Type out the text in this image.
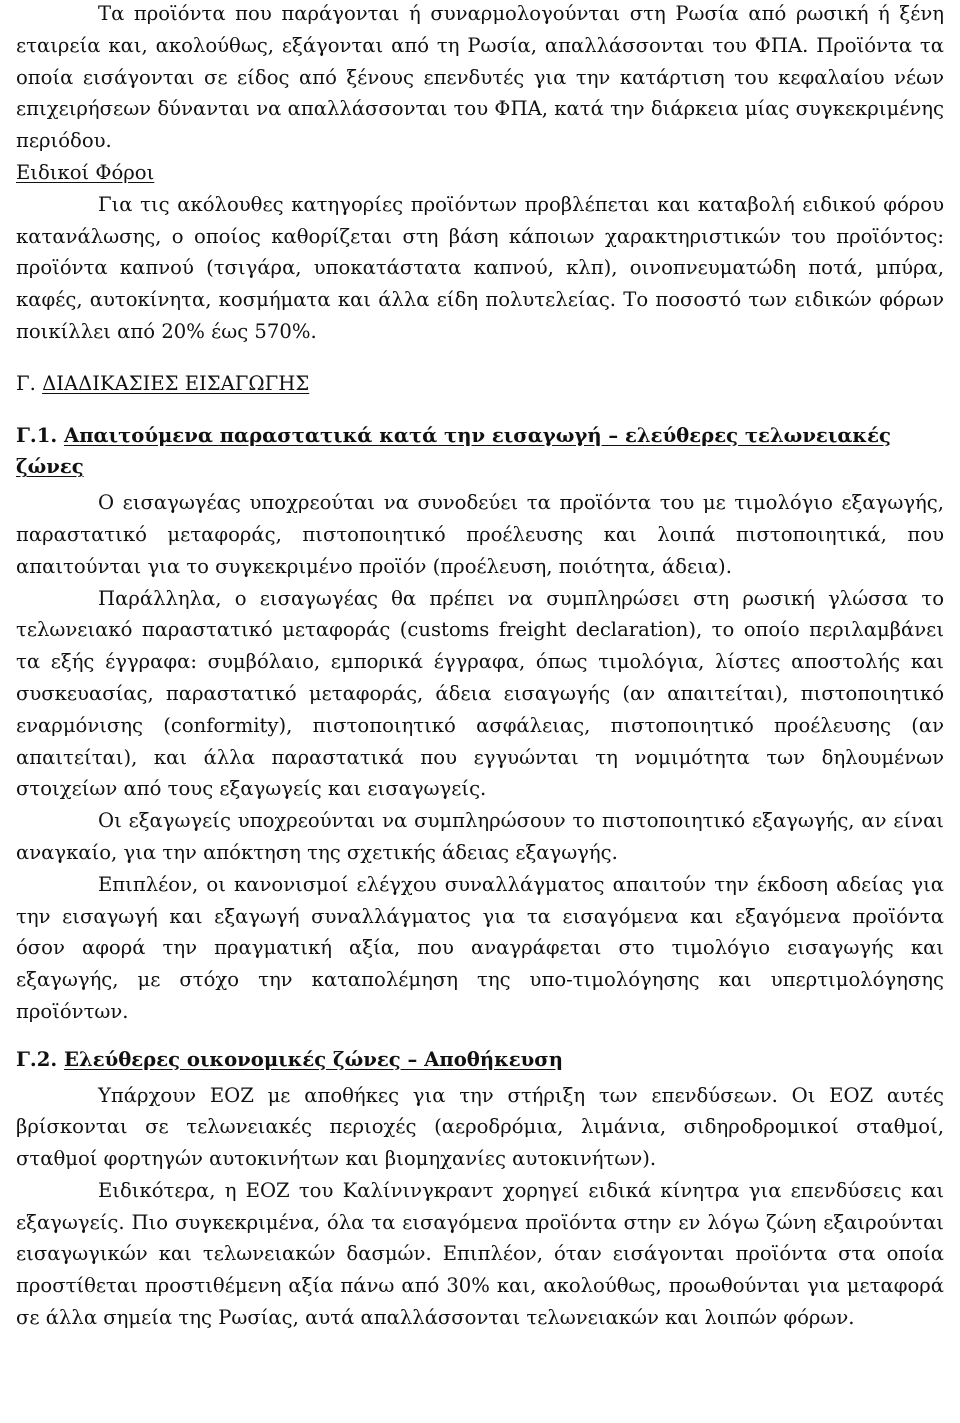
Τα προϊόντα που παράγονται ή συναρμολογούνται στη Ρωσία από ρωσική ή ξένη εταιρεία και, ακολούθως, εξάγονται από τη Ρωσία, απαλλάσσονται του ΦΠΑ. Προϊόντα τα οποία εισάγονται σε είδος από ξένους επενδυτές για την κατάρτιση του κεφαλαίου νέων επιχειρήσεων δύνανται να απαλλάσσονται του ΦΠΑ, κατά την διάρκεια μίας συγκεκριμένης περιόδου.

Ειδικοί Φόροι

Για τις ακόλουθες κατηγορίες προϊόντων προβλέπεται και καταβολή ειδικού φόρου κατανάλωσης, ο οποίος καθορίζεται στη βάση κάποιων χαρακτηριστικών του προϊόντος: προϊόντα καπνού (τσιγάρα, υποκατάστατα καπνού, κλπ), οινοπνευματώδη ποτά, μπύρα, καφές, αυτοκίνητα, κοσμήματα και άλλα είδη πολυτελείας. Το ποσοστό των ειδικών φόρων ποικίλλει από 20% έως 570%.

Γ. ΔΙΑΔΙΚΑΣΙΕΣ ΕΙΣΑΓΩΓΗΣ
Γ.1. Απαιτούμενα παραστατικά κατά την εισαγωγή – ελεύθερες τελωνειακές ζώνες

Ο εισαγωγέας υποχρεούται να συνοδεύει τα προϊόντα του με τιμολόγιο εξαγωγής, παραστατικό μεταφοράς, πιστοποιητικό προέλευσης και λοιπά πιστοποιητικά, που απαιτούνται για το συγκεκριμένο προϊόν (προέλευση, ποιότητα, άδεια).

Παράλληλα, ο εισαγωγέας θα πρέπει να συμπληρώσει στη ρωσική γλώσσα το τελωνειακό παραστατικό μεταφοράς (customs freight declaration), το οποίο περιλαμβάνει τα εξής έγγραφα: συμβόλαιο, εμπορικά έγγραφα, όπως τιμολόγια, λίστες αποστολής και συσκευασίας, παραστατικό μεταφοράς, άδεια εισαγωγής (αν απαιτείται), πιστοποιητικό εναρμόνισης (conformity), πιστοποιητικό ασφάλειας, πιστοποιητικό προέλευσης (αν απαιτείται), και άλλα παραστατικά που εγγυώνται τη νομιμότητα των δηλουμένων στοιχείων από τους εξαγωγείς και εισαγωγείς.

Οι εξαγωγείς υποχρεούνται να συμπληρώσουν το πιστοποιητικό εξαγωγής, αν είναι αναγκαίο, για την απόκτηση της σχετικής άδειας εξαγωγής.

Επιπλέον, οι κανονισμοί ελέγχου συναλλάγματος απαιτούν την έκδοση αδείας για την εισαγωγή και εξαγωγή συναλλάγματος για τα εισαγόμενα και εξαγόμενα προϊόντα όσον αφορά την πραγματική αξία, που αναγράφεται στο τιμολόγιο εισαγωγής και εξαγωγής, με στόχο την καταπολέμηση της υπο-τιμολόγησης και υπερτιμολόγησης προϊόντων.

Γ.2. Ελεύθερες οικονομικές ζώνες – Αποθήκευση

Υπάρχουν ΕΟΖ με αποθήκες για την στήριξη των επενδύσεων. Οι ΕΟΖ αυτές βρίσκονται σε τελωνειακές περιοχές (αεροδρόμια, λιμάνια, σιδηροδρομικοί σταθμοί, σταθμοί φορτηγών αυτοκινήτων και βιομηχανίες αυτοκινήτων).

Ειδικότερα, η ΕΟΖ του Καλίνινγκραντ χορηγεί ειδικά κίνητρα για επενδύσεις και εξαγωγείς. Πιο συγκεκριμένα, όλα τα εισαγόμενα προϊόντα στην εν λόγω ζώνη εξαιρούνται εισαγωγικών και τελωνειακών δασμών. Επιπλέον, όταν εισάγονται προϊόντα στα οποία προστίθεται προστιθέμενη αξία πάνω από 30% και, ακολούθως, προωθούνται για μεταφορά σε άλλα σημεία της Ρωσίας, αυτά απαλλάσσονται τελωνειακών και λοιπών φόρων.
